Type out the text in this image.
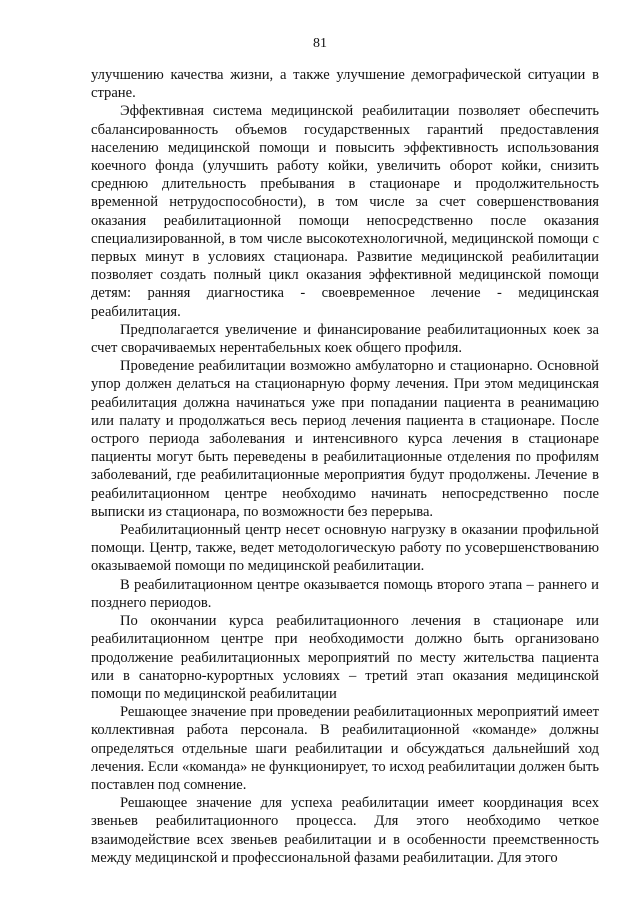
81

улучшению качества жизни, а также улучшение демографической ситуации в стране.

Эффективная система медицинской реабилитации позволяет обеспечить сбалансированность объемов государственных гарантий предоставления населению медицинской помощи и повысить эффективность использования коечного фонда (улучшить работу койки, увеличить оборот койки, снизить среднюю длительность пребывания в стационаре и продолжительность временной нетрудоспособности), в том числе за счет совершенствования оказания реабилитационной помощи непосредственно после оказания специализированной, в том числе высокотехнологичной, медицинской помощи с первых минут в условиях стационара. Развитие медицинской реабилитации позволяет создать полный цикл оказания эффективной медицинской помощи детям: ранняя диагностика - своевременное лечение - медицинская реабилитация.

Предполагается увеличение и финансирование реабилитационных коек за счет сворачиваемых нерентабельных коек общего профиля.

Проведение реабилитации возможно амбулаторно и стационарно. Основной упор должен делаться на стационарную форму лечения. При этом медицинская реабилитация должна начинаться уже при попадании пациента в реанимацию или палату и продолжаться весь период лечения пациента в стационаре. После острого периода заболевания и интенсивного курса лечения в стационаре пациенты могут быть переведены в реабилитационные отделения по профилям заболеваний, где реабилитационные мероприятия будут продолжены. Лечение в реабилитационном центре необходимо начинать непосредственно после выписки из стационара, по возможности без перерыва.

Реабилитационный центр несет основную нагрузку в оказании профильной помощи. Центр, также, ведет методологическую работу по усовершенствованию оказываемой помощи по медицинской реабилитации.

В реабилитационном центре оказывается помощь второго этапа – раннего и позднего периодов.

По окончании курса реабилитационного лечения в стационаре или реабилитационном центре при необходимости должно быть организовано продолжение реабилитационных мероприятий по месту жительства пациента или в санаторно-курортных условиях – третий этап оказания медицинской помощи по медицинской реабилитации

Решающее значение при проведении реабилитационных мероприятий имеет коллективная работа персонала. В реабилитационной «команде» должны определяться отдельные шаги реабилитации и обсуждаться дальнейший ход лечения. Если «команда» не функционирует, то исход реабилитации должен быть поставлен под сомнение.

Решающее значение для успеха реабилитации имеет координация всех звеньев реабилитационного процесса. Для этого необходимо четкое взаимодействие всех звеньев реабилитации и в особенности преемственность между медицинской и профессиональной фазами реабилитации. Для этого
